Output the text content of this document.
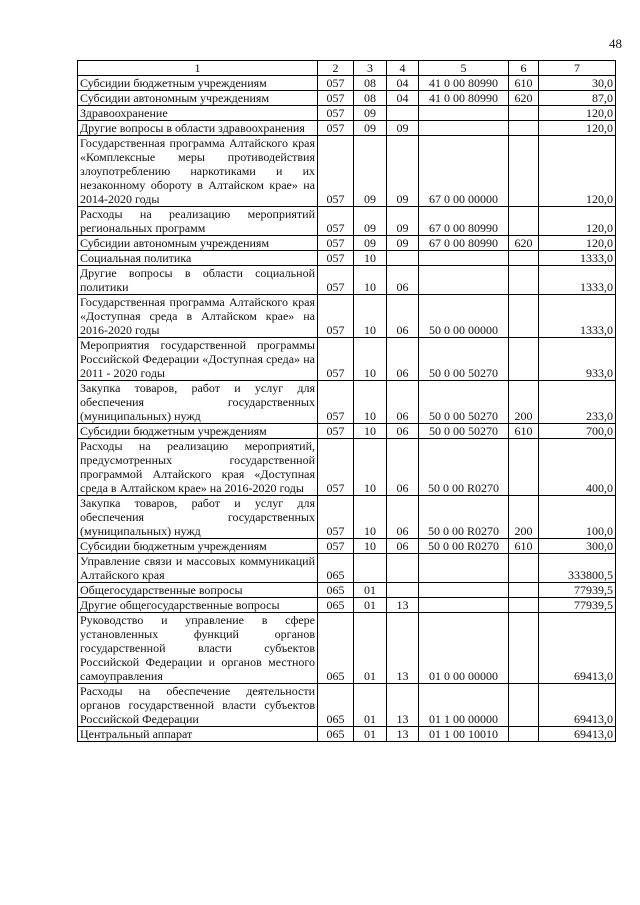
48
1	2	3	4	5	6	7
Субсидии бюджетным учреждениям	057	08	04	41 0 00 80990	610	30,0
Субсидии автономным учреждениям	057	08	04	41 0 00 80990	620	87,0
Здравоохранение	057	09				120,0
Другие вопросы в области здравоохранения	057	09	09			120,0
Государственная программа Алтайского края «Комплексные меры противодействия злоупотреблению наркотиками и их незаконному обороту в Алтайском крае» на 2014-2020 годы	057	09	09	67 0 00 00000		120,0
Расходы на реализацию мероприятий региональных программ	057	09	09	67 0 00 80990		120,0
Субсидии автономным учреждениям	057	09	09	67 0 00 80990	620	120,0
Социальная политика	057	10				1333,0
Другие вопросы в области социальной политики	057	10	06			1333,0
Государственная программа Алтайского края «Доступная среда в Алтайском крае» на 2016-2020 годы	057	10	06	50 0 00 00000		1333,0
Мероприятия государственной программы Российской Федерации «Доступная среда» на 2011 - 2020 годы	057	10	06	50 0 00 50270		933,0
Закупка товаров, работ и услуг для обеспечения государственных (муниципальных) нужд	057	10	06	50 0 00 50270	200	233,0
Субсидии бюджетным учреждениям	057	10	06	50 0 00 50270	610	700,0
Расходы на реализацию мероприятий, предусмотренных государственной программой Алтайского края «Доступная среда в Алтайском крае» на 2016-2020 годы	057	10	06	50 0 00 R0270		400,0
Закупка товаров, работ и услуг для обеспечения государственных (муниципальных) нужд	057	10	06	50 0 00 R0270	200	100,0
Субсидии бюджетным учреждениям	057	10	06	50 0 00 R0270	610	300,0
Управление связи и массовых коммуникаций Алтайского края	065					333800,5
Общегосударственные вопросы	065	01				77939,5
Другие общегосударственные вопросы	065	01	13			77939,5
Руководство и управление в сфере установленных функций органов государственной власти субъектов Российской Федерации и органов местного самоуправления	065	01	13	01 0 00 00000		69413,0
Расходы на обеспечение деятельности органов государственной власти субъектов Российской Федерации	065	01	13	01 1 00 00000		69413,0
Центральный аппарат	065	01	13	01 1 00 10010		69413,0
